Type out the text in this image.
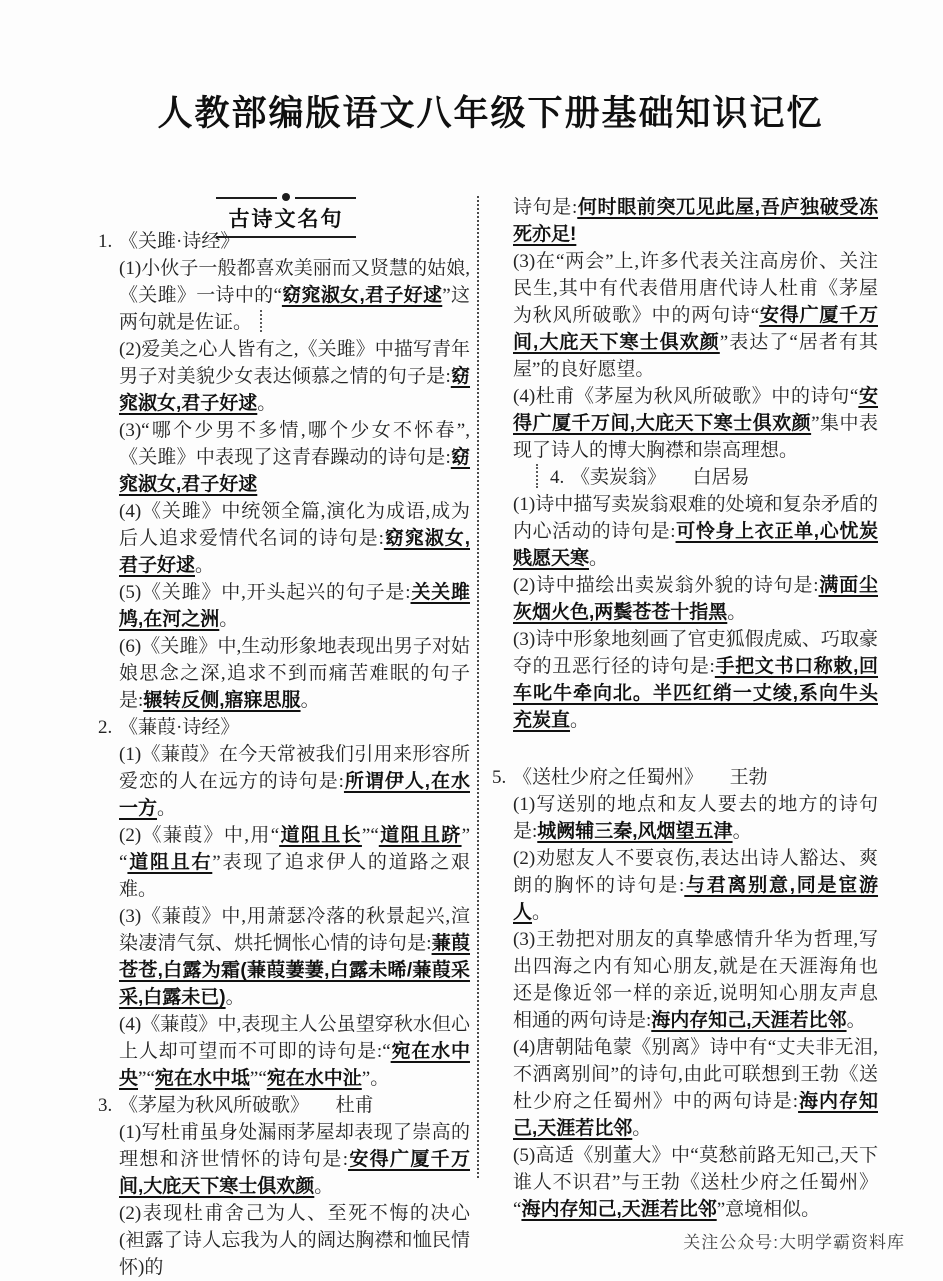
人教部编版语文八年级下册基础知识记忆
古诗文名句

1. 《关雎·诗经》

(1)小伙子一般都喜欢美丽而又贤慧的姑娘,《关雎》一诗中的“窈窕淑女,君子好逑”这两句就是佐证。

(2)爱美之心人皆有之,《关雎》中描写青年男子对美貌少女表达倾慕之情的句子是:窈窕淑女,君子好逑。

(3)“哪个少男不多情,哪个少女不怀春”,《关雎》中表现了这青春躁动的诗句是:窈窕淑女,君子好逑

(4)《关雎》中统领全篇,演化为成语,成为后人追求爱情代名词的诗句是:窈窕淑女,君子好逑。

(5)《关雎》中,开头起兴的句子是:关关雎鸠,在河之洲。

(6)《关雎》中,生动形象地表现出男子对姑娘思念之深,追求不到而痛苦难眠的句子是:辗转反侧,寤寐思服。

2. 《蒹葭·诗经》

(1)《蒹葭》在今天常被我们引用来形容所爱恋的人在远方的诗句是:所谓伊人,在水一方。

(2)《蒹葭》中,用“道阻且长”“道阻且跻”“道阻且右”表现了追求伊人的道路之艰难。

(3)《蒹葭》中,用萧瑟冷落的秋景起兴,渲染凄清气氛、烘托惆怅心情的诗句是:蒹葭苍苍,白露为霜(蒹葭萋萋,白露未晞/蒹葭采采,白露未已)。

(4)《蒹葭》中,表现主人公虽望穿秋水但心上人却可望而不可即的诗句是:“宛在水中央”“宛在水中坻”“宛在水中沚”。

3. 《茅屋为秋风所破歌》 杜甫

(1)写杜甫虽身处漏雨茅屋却表现了崇高的理想和济世情怀的诗句是:安得广厦千万间,大庇天下寒士俱欢颜。

(2)表现杜甫舍己为人、至死不悔的决心(袒露了诗人忘我为人的阔达胸襟和恤民情怀)的

诗句是:何时眼前突兀见此屋,吾庐独破受冻死亦足!

(3)在“两会”上,许多代表关注高房价、关注民生,其中有代表借用唐代诗人杜甫《茅屋为秋风所破歌》中的两句诗“安得广厦千万间,大庇天下寒士俱欢颜”表达了“居者有其屋”的良好愿望。

(4)杜甫《茅屋为秋风所破歌》中的诗句“安得广厦千万间,大庇天下寒士俱欢颜”集中表现了诗人的博大胸襟和崇高理想。

4. 《卖炭翁》 白居易

(1)诗中描写卖炭翁艰难的处境和复杂矛盾的内心活动的诗句是:可怜身上衣正单,心忧炭贱愿天寒。

(2)诗中描绘出卖炭翁外貌的诗句是:满面尘灰烟火色,两鬓苍苍十指黑。

(3)诗中形象地刻画了官吏狐假虎威、巧取豪夺的丑恶行径的诗句是:手把文书口称敕,回车叱牛牵向北。半匹红绡一丈绫,系向牛头充炭直。

5. 《送杜少府之任蜀州》 王勃

(1)写送别的地点和友人要去的地方的诗句是:城阙辅三秦,风烟望五津。

(2)劝慰友人不要哀伤,表达出诗人豁达、爽朗的胸怀的诗句是:与君离别意,同是宦游人。

(3)王勃把对朋友的真挚感情升华为哲理,写出四海之内有知心朋友,就是在天涯海角也还是像近邻一样的亲近,说明知心朋友声息相通的两句诗是:海内存知己,天涯若比邻。

(4)唐朝陆龟蒙《别离》诗中有“丈夫非无泪,不洒离别间”的诗句,由此可联想到王勃《送杜少府之任蜀州》中的两句诗是:海内存知己,天涯若比邻。

(5)高适《别董大》中“莫愁前路无知己,天下谁人不识君”与王勃《送杜少府之任蜀州》“海内存知己,天涯若比邻”意境相似。

关注公众号:大明学霸资料库
